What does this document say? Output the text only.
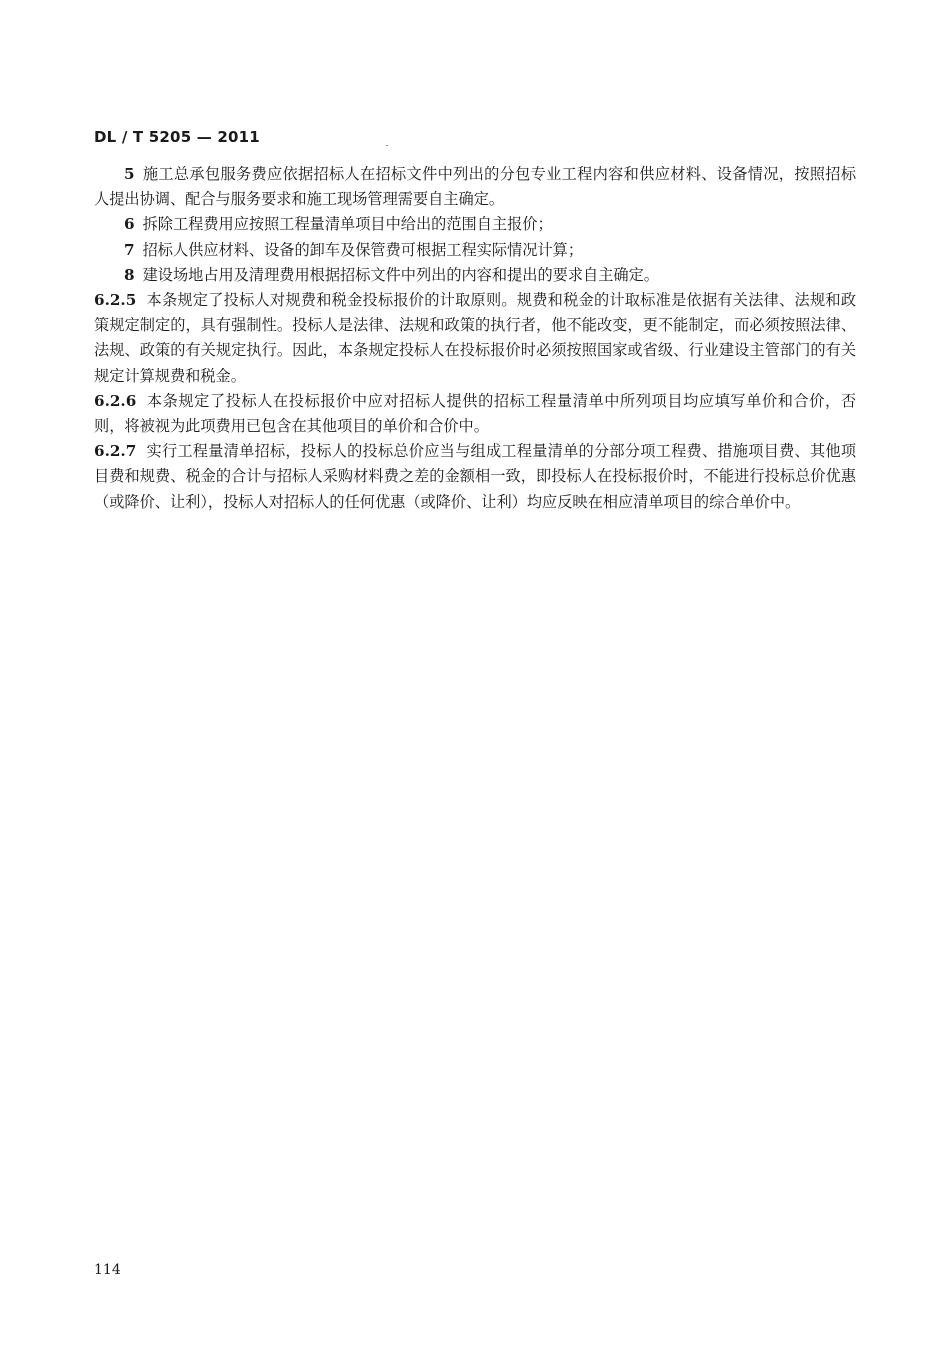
DL / T 5205 — 2011

5 施工总承包服务费应依据招标人在招标文件中列出的分包专业工程内容和供应材料、设备情况，按照招标人提出协调、配合与服务要求和施工现场管理需要自主确定。

6 拆除工程费用应按照工程量清单项目中给出的范围自主报价；

7 招标人供应材料、设备的卸车及保管费可根据工程实际情况计算；

8 建设场地占用及清理费用根据招标文件中列出的内容和提出的要求自主确定。

6.2.5 本条规定了投标人对规费和税金投标报价的计取原则。规费和税金的计取标准是依据有关法律、法规和政策规定制定的，具有强制性。投标人是法律、法规和政策的执行者，他不能改变，更不能制定，而必须按照法律、法规、政策的有关规定执行。因此，本条规定投标人在投标报价时必须按照国家或省级、行业建设主管部门的有关规定计算规费和税金。

6.2.6 本条规定了投标人在投标报价中应对招标人提供的招标工程量清单中所列项目均应填写单价和合价，否则，将被视为此项费用已包含在其他项目的单价和合价中。

6.2.7 实行工程量清单招标，投标人的投标总价应当与组成工程量清单的分部分项工程费、措施项目费、其他项目费和规费、税金的合计与招标人采购材料费之差的金额相一致，即投标人在投标报价时，不能进行投标总价优惠（或降价、让利），投标人对招标人的任何优惠（或降价、让利）均应反映在相应清单项目的综合单价中。

114
